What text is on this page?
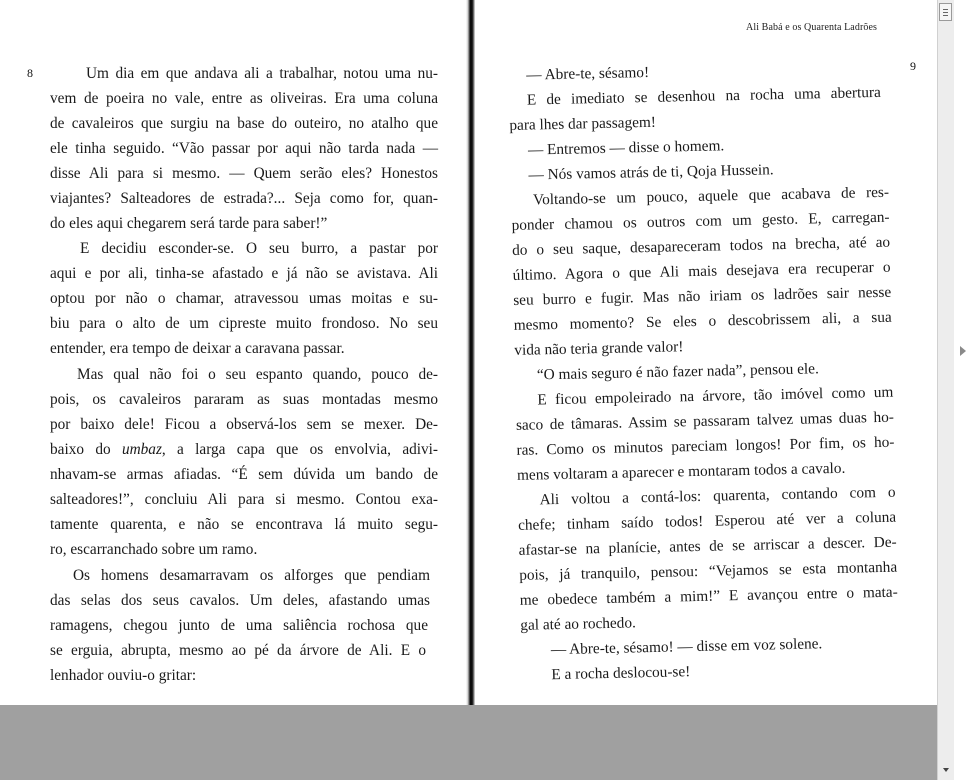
8	9
Ali Babá e os Quarenta Ladrões
Um dia em que andava ali a trabalhar, notou uma nu-
vem de poeira no vale, entre as oliveiras. Era uma coluna
de cavaleiros que surgiu na base do outeiro, no atalho que
ele tinha seguido. “Vão passar por aqui não tarda nada —
disse Ali para si mesmo. — Quem serão eles? Honestos
viajantes? Salteadores de estrada?... Seja como for, quan-
do eles aqui chegarem será tarde para saber!”
E decidiu esconder-se. O seu burro, a pastar por
aqui e por ali, tinha-se afastado e já não se avistava. Ali
optou por não o chamar, atravessou umas moitas e su-
biu para o alto de um cipreste muito frondoso. No seu
entender, era tempo de deixar a caravana passar.
Mas qual não foi o seu espanto quando, pouco de-
pois, os cavaleiros pararam as suas montadas mesmo
por baixo dele! Ficou a observá-los sem se mexer. De-
baixo do umbaz, a larga capa que os envolvia, adivi-
nhavam-se armas afiadas. “É sem dúvida um bando de
salteadores!”, concluiu Ali para si mesmo. Contou exa-
tamente quarenta, e não se encontrava lá muito segu-
ro, escarranchado sobre um ramo.
Os homens desamarravam os alforges que pendiam
das selas dos seus cavalos. Um deles, afastando umas
ramagens, chegou junto de uma saliência rochosa que
se erguia, abrupta, mesmo ao pé da árvore de Ali. E o
lenhador ouviu-o gritar:
— Abre-te, sésamo!
E de imediato se desenhou na rocha uma abertura
para lhes dar passagem!
— Entremos — disse o homem.
— Nós vamos atrás de ti, Qoja Hussein.
Voltando-se um pouco, aquele que acabava de res-
ponder chamou os outros com um gesto. E, carregan-
do o seu saque, desapareceram todos na brecha, até ao
último. Agora o que Ali mais desejava era recuperar o
seu burro e fugir. Mas não iriam os ladrões sair nesse
mesmo momento? Se eles o descobrissem ali, a sua
vida não teria grande valor!
“O mais seguro é não fazer nada”, pensou ele.
E ficou empoleirado na árvore, tão imóvel como um
saco de tâmaras. Assim se passaram talvez umas duas ho-
ras. Como os minutos pareciam longos! Por fim, os ho-
mens voltaram a aparecer e montaram todos a cavalo.
Ali voltou a contá-los: quarenta, contando com o
chefe; tinham saído todos! Esperou até ver a coluna
afastar-se na planície, antes de se arriscar a descer. De-
pois, já tranquilo, pensou: “Vejamos se esta montanha
me obedece também a mim!” E avançou entre o mata-
gal até ao rochedo.
— Abre-te, sésamo! — disse em voz solene.
E a rocha deslocou-se!
